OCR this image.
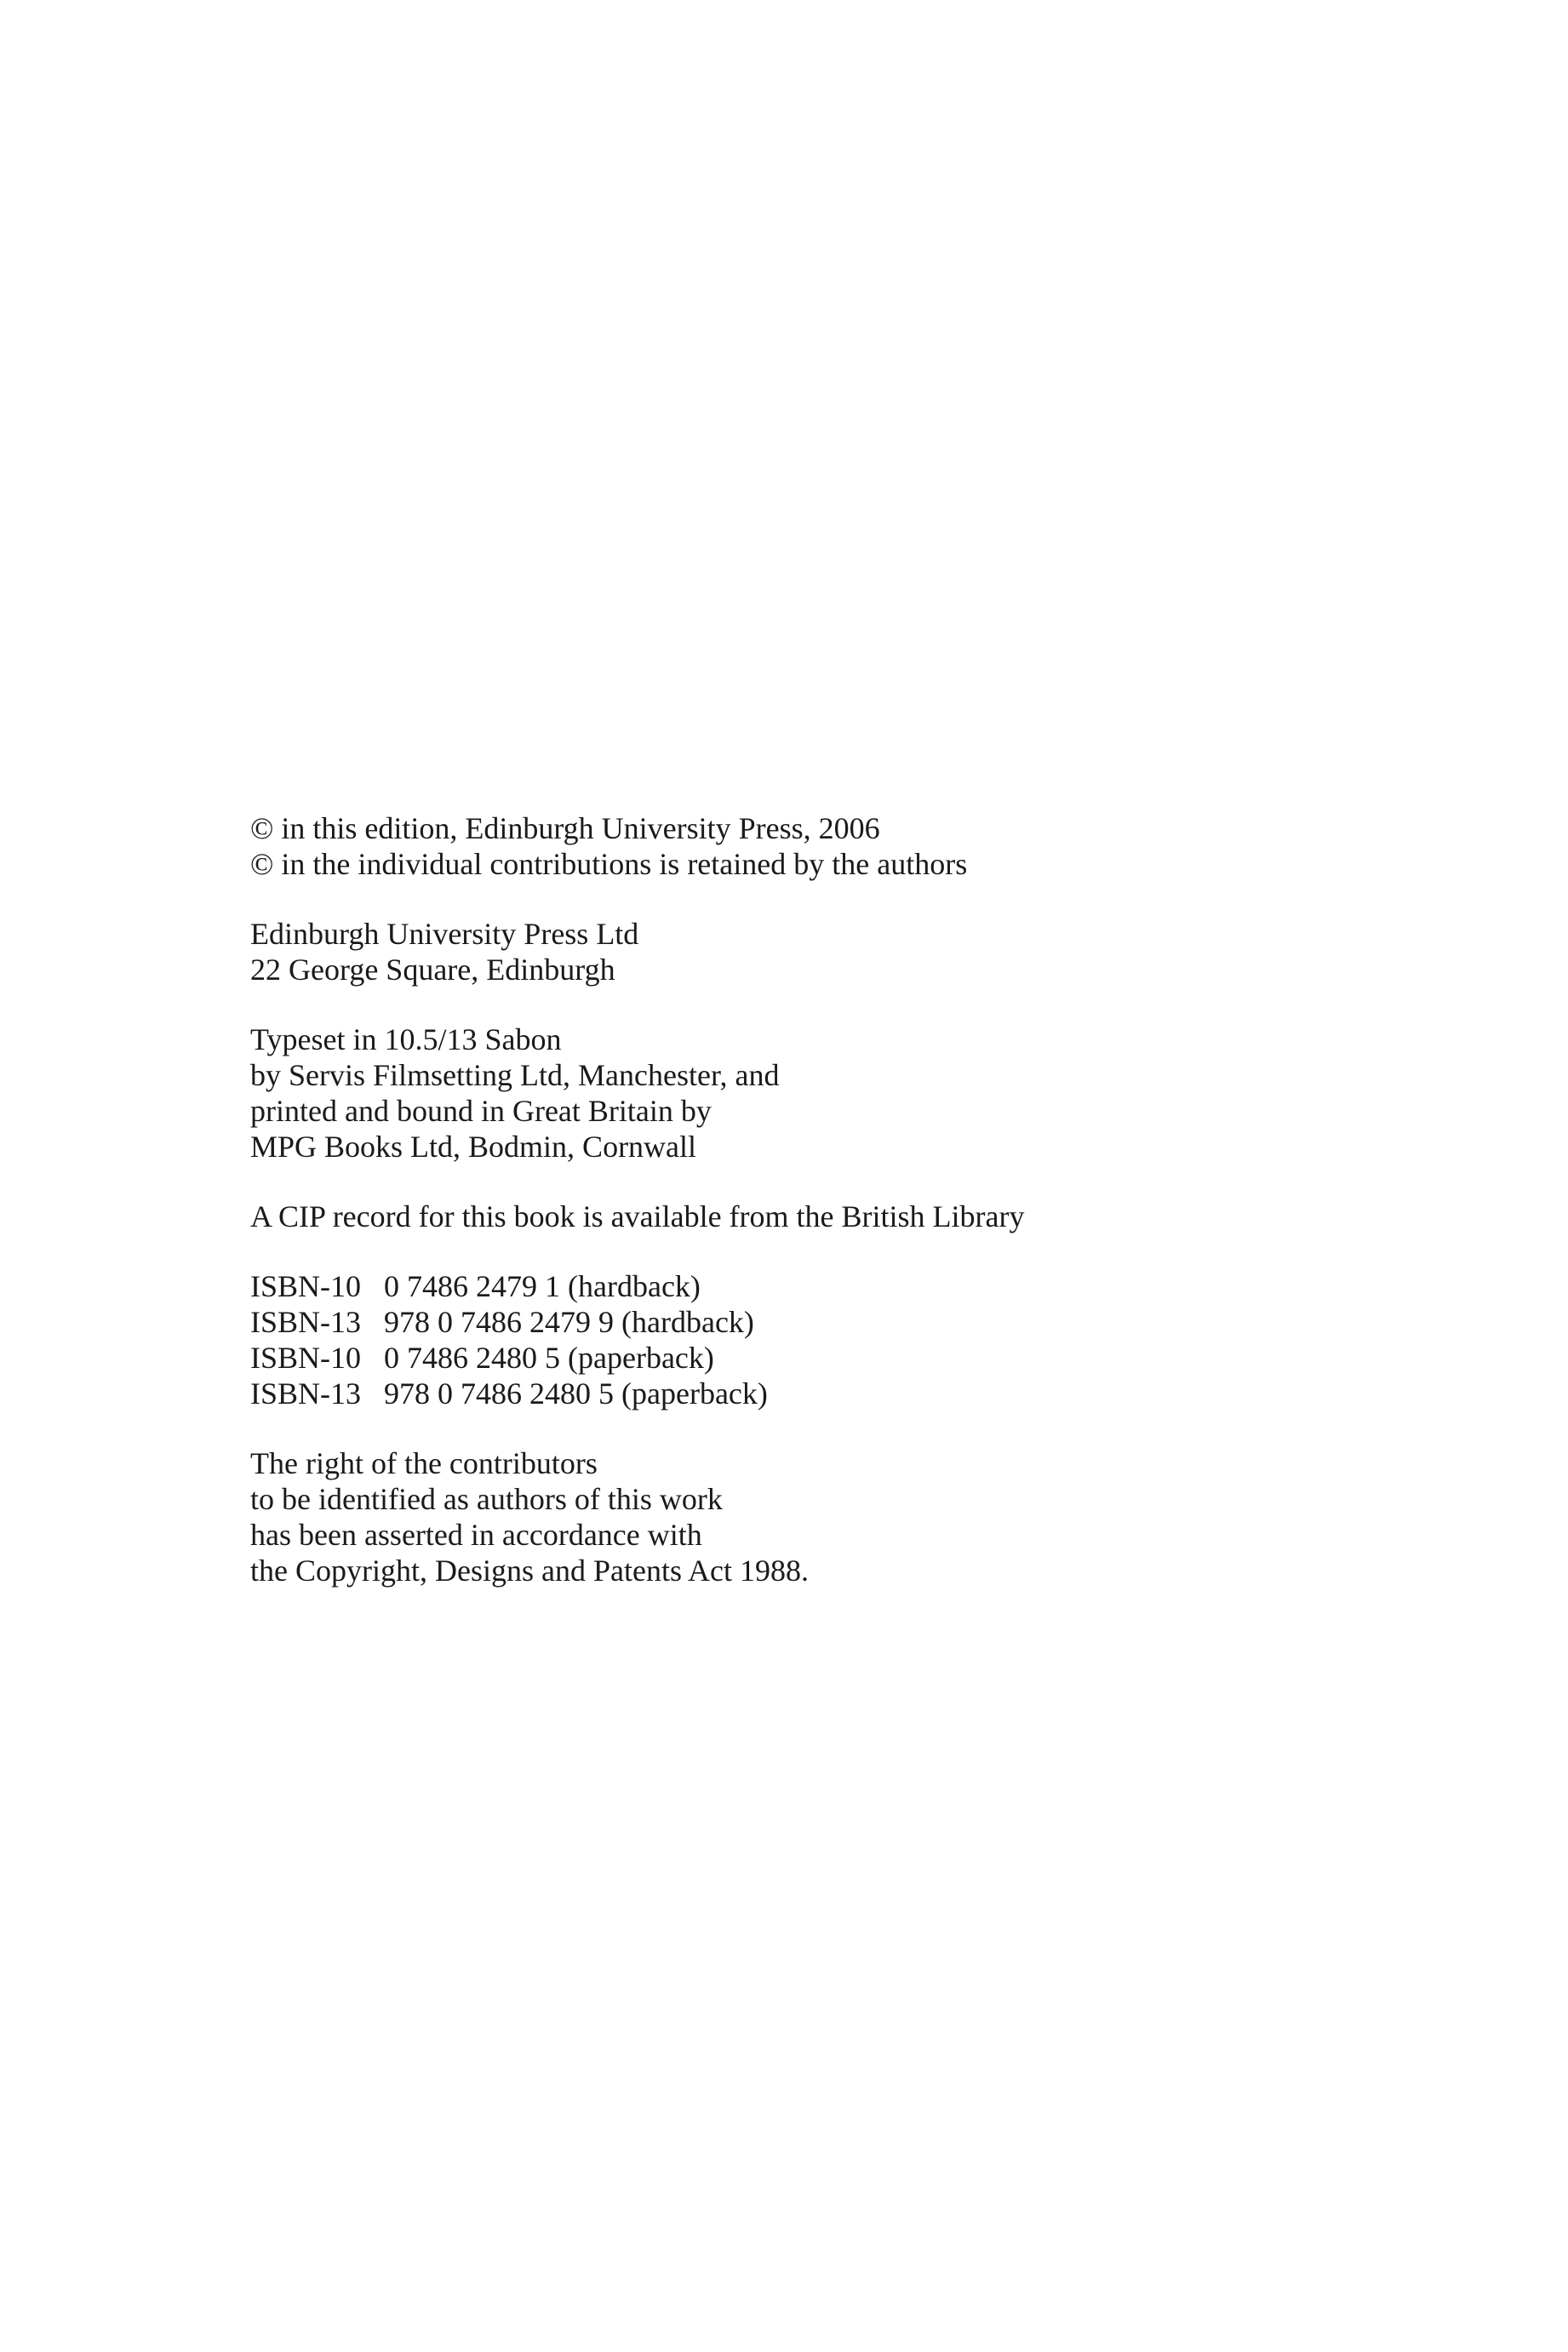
© in this edition, Edinburgh University Press, 2006
© in the individual contributions is retained by the authors
Edinburgh University Press Ltd
22 George Square, Edinburgh
Typeset in 10.5/13 Sabon
by Servis Filmsetting Ltd, Manchester, and
printed and bound in Great Britain by
MPG Books Ltd, Bodmin, Cornwall
A CIP record for this book is available from the British Library
ISBN-10   0 7486 2479 1 (hardback)
ISBN-13   978 0 7486 2479 9 (hardback)
ISBN-10   0 7486 2480 5 (paperback)
ISBN-13   978 0 7486 2480 5 (paperback)
The right of the contributors
to be identified as authors of this work
has been asserted in accordance with
the Copyright, Designs and Patents Act 1988.
